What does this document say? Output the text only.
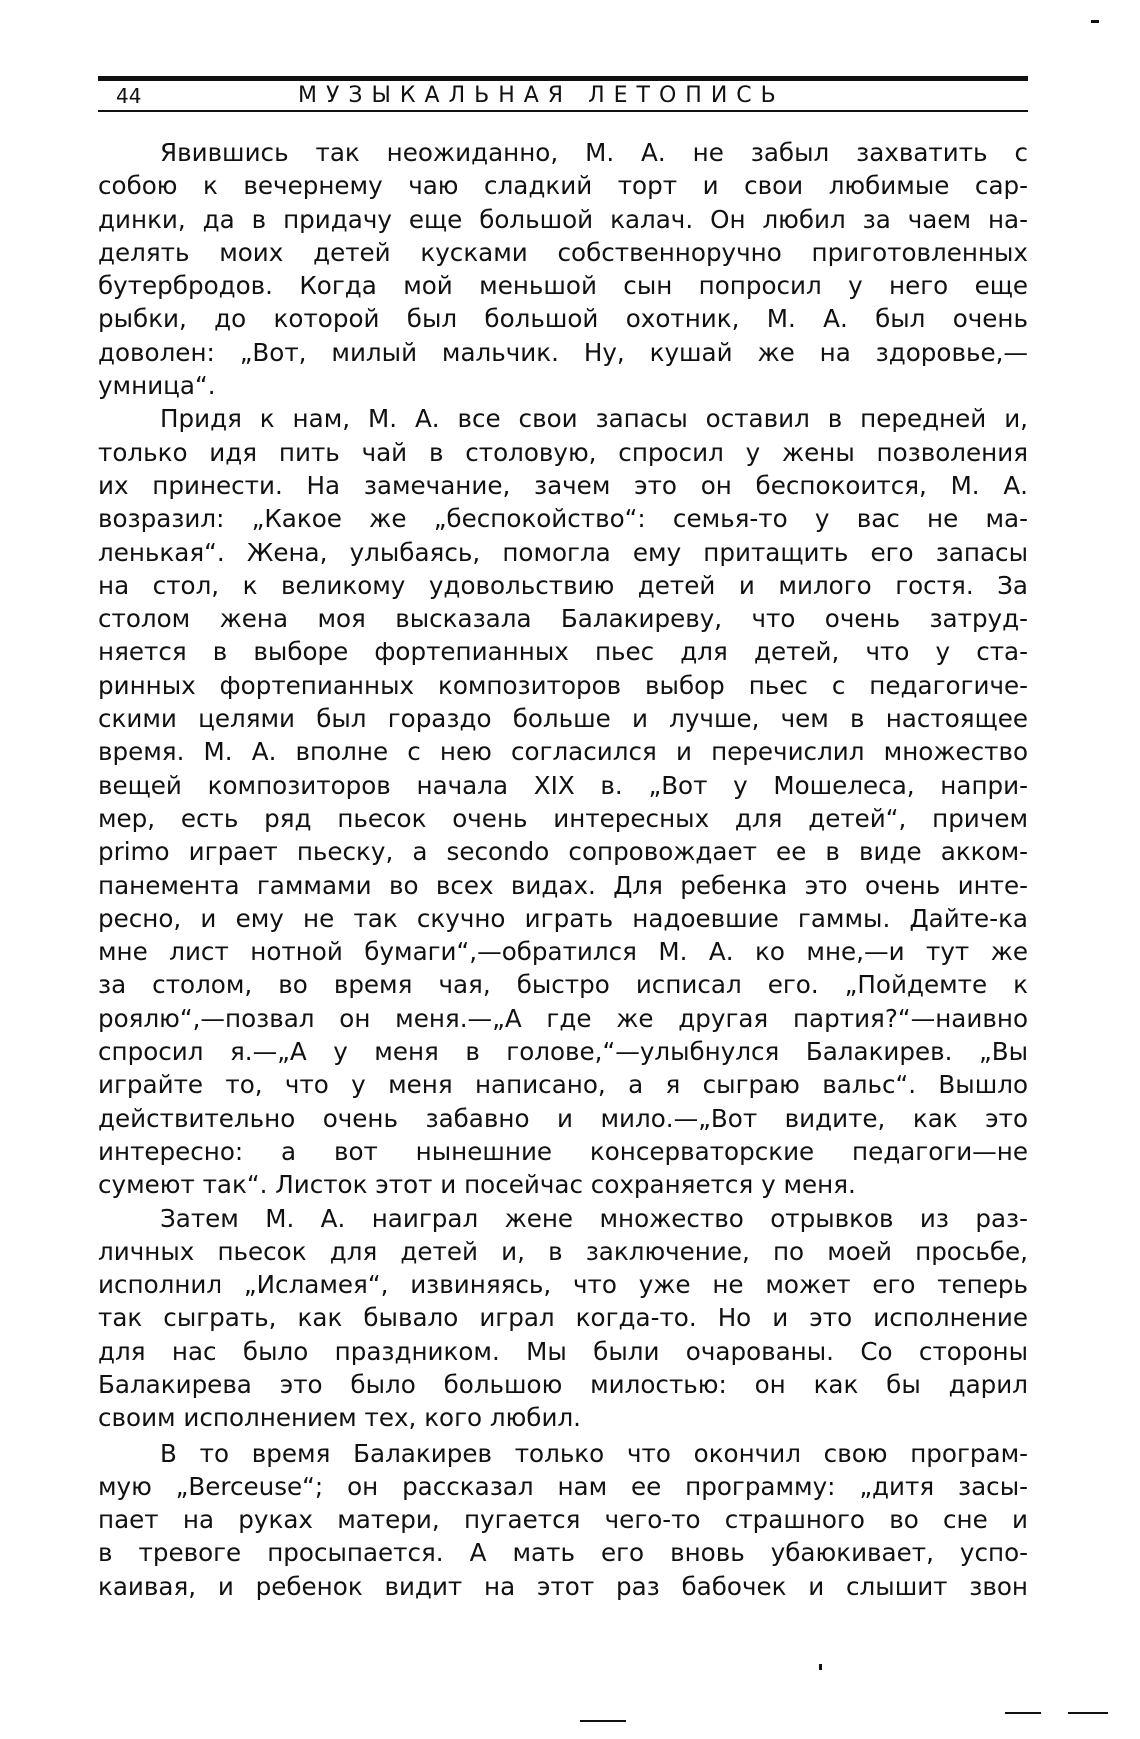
44	МУЗЫКАЛЬНАЯ ЛЕТОПИСЬ
Явившись так неожиданно, М. А. не забыл захватить с
собою к вечернему чаю сладкий торт и свои любимые сар-
динки, да в придачу еще большой калач. Он любил за чаем на-
делять моих детей кусками собственноручно приготовленных
бутербродов. Когда мой меньшой сын попросил у него еще
рыбки, до которой был большой охотник, М. А. был очень
доволен: „Вот, милый мальчик. Ну, кушай же на здоровье,—
умница“.
Придя к нам, М. А. все свои запасы оставил в передней и,
только идя пить чай в столовую, спросил у жены позволения
их принести. На замечание, зачем это он беспокоится, М. А.
возразил: „Какое же „беспокойство“: семья-то у вас не ма-
ленькая“. Жена, улыбаясь, помогла ему притащить его запасы
на стол, к великому удовольствию детей и милого гостя. За
столом жена моя высказала Балакиреву, что очень затруд-
няется в выборе фортепианных пьес для детей, что у ста-
ринных фортепианных композиторов выбор пьес с педагогиче-
скими целями был гораздо больше и лучше, чем в настоящее
время. М. А. вполне с нею согласился и перечислил множество
вещей композиторов начала XIX в. „Вот у Мошелеса, напри-
мер, есть ряд пьесок очень интересных для детей“, причем
primo играет пьеску, а secondo сопровождает ее в виде акком-
панемента гаммами во всех видах. Для ребенка это очень инте-
ресно, и ему не так скучно играть надоевшие гаммы. Дайте-ка
мне лист нотной бумаги“,—обратился М. А. ко мне,—и тут же
за столом, во время чая, быстро исписал его. „Пойдемте к
роялю“,—позвал он меня.—„А где же другая партия?“—наивно
спросил я.—„А у меня в голове,“—улыбнулся Балакирев. „Вы
играйте то, что у меня написано, а я сыграю вальс“. Вышло
действительно очень забавно и мило.—„Вот видите, как это
интересно: а вот нынешние консерваторские педагоги—не
сумеют так“. Листок этот и посейчас сохраняется у меня.
Затем М. А. наиграл жене множество отрывков из раз-
личных пьесок для детей и, в заключение, по моей просьбе,
исполнил „Исламея“, извиняясь, что уже не может его теперь
так сыграть, как бывало играл когда-то. Но и это исполнение
для нас было праздником. Мы были очарованы. Со стороны
Балакирева это было большою милостью: он как бы дарил
своим исполнением тех, кого любил.
В то время Балакирев только что окончил свою програм-
мую „Berceuse“; он рассказал нам ее программу: „дитя засы-
пает на руках матери, пугается чего-то страшного во сне и
в тревоге просыпается. А мать его вновь убаюкивает, успо-
каивая, и ребенок видит на этот раз бабочек и слышит звон
